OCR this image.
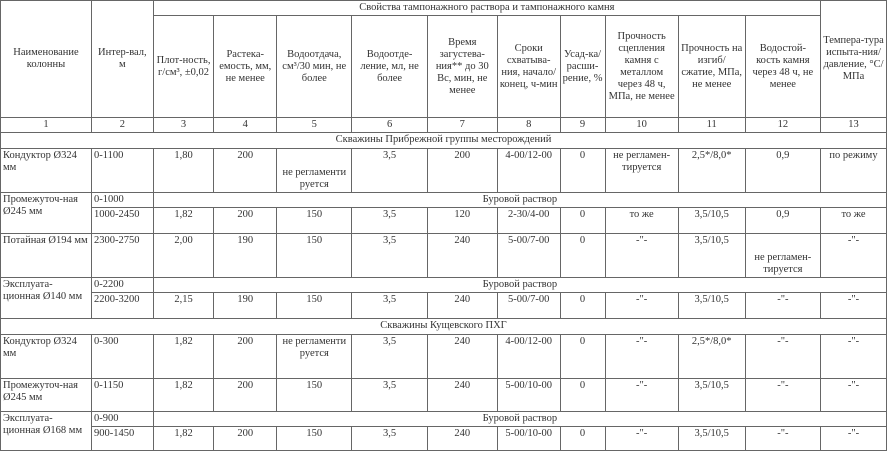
Наименование колонны	Интер-вал, м	Свойства тампонажного раствора и тампонажного камня										Темпера-тура испыта-ния/ давление, °С/МПа
		Плот-ность, г/см³, ±0,02	Растека-емость, мм, не менее	Водоотдача, см³/30 мин, не более	Водоотде-ление, мл, не более	Время загустева-ния** до 30 Вс, мин, не менее	Сроки схватыва-ния, начало/конец, ч-мин	Усад-ка/ расши-рение, %	Прочность сцепления камня с металлом через 48 ч, МПа, не менее	Прочность на изгиб/ сжатие, МПа, не менее	Водостой-кость камня через 48 ч, не менее	
1	2	3	4	5	6	7	8	9	10	11	12	13
Скважины Прибрежной группы месторождений												
Кондуктор Ø324 мм	0-1100	1,80	200	не регламенти руется	3,5	200	4-00/12-00	0	не регламен-тируется	2,5*/8,0*	0,9	по режиму
Промежуточ-ная Ø245 мм	0-1000	Буровой раствор										
	1000-2450	1,82	200	150	3,5	120	2-30/4-00	0	то же	3,5/10,5	0,9	то же
Потайная Ø194 мм	2300-2750	2,00	190	150	3,5	240	5-00/7-00	0	-"-	3,5/10,5	не регламен-тируется	-"-
Эксплуата-ционная Ø140 мм	0-2200	Буровой раствор										
	2200-3200	2,15	190	150	3,5	240	5-00/7-00	0	-"-	3,5/10,5	-"-	-"-
Скважины Кущевского ПХГ												
Кондуктор Ø324 мм	0-300	1,82	200	не регламенти руется	3,5	240	4-00/12-00	0	-"-	2,5*/8,0*	-"-	-"-
Промежуточ-ная Ø245 мм	0-1150	1,82	200	150	3,5	240	5-00/10-00	0	-"-	3,5/10,5	-"-	-"-
Эксплуата-ционная Ø168 мм	0-900	Буровой раствор										
	900-1450	1,82	200	150	3,5	240	5-00/10-00	0	-"-	3,5/10,5	-"-	-"-
